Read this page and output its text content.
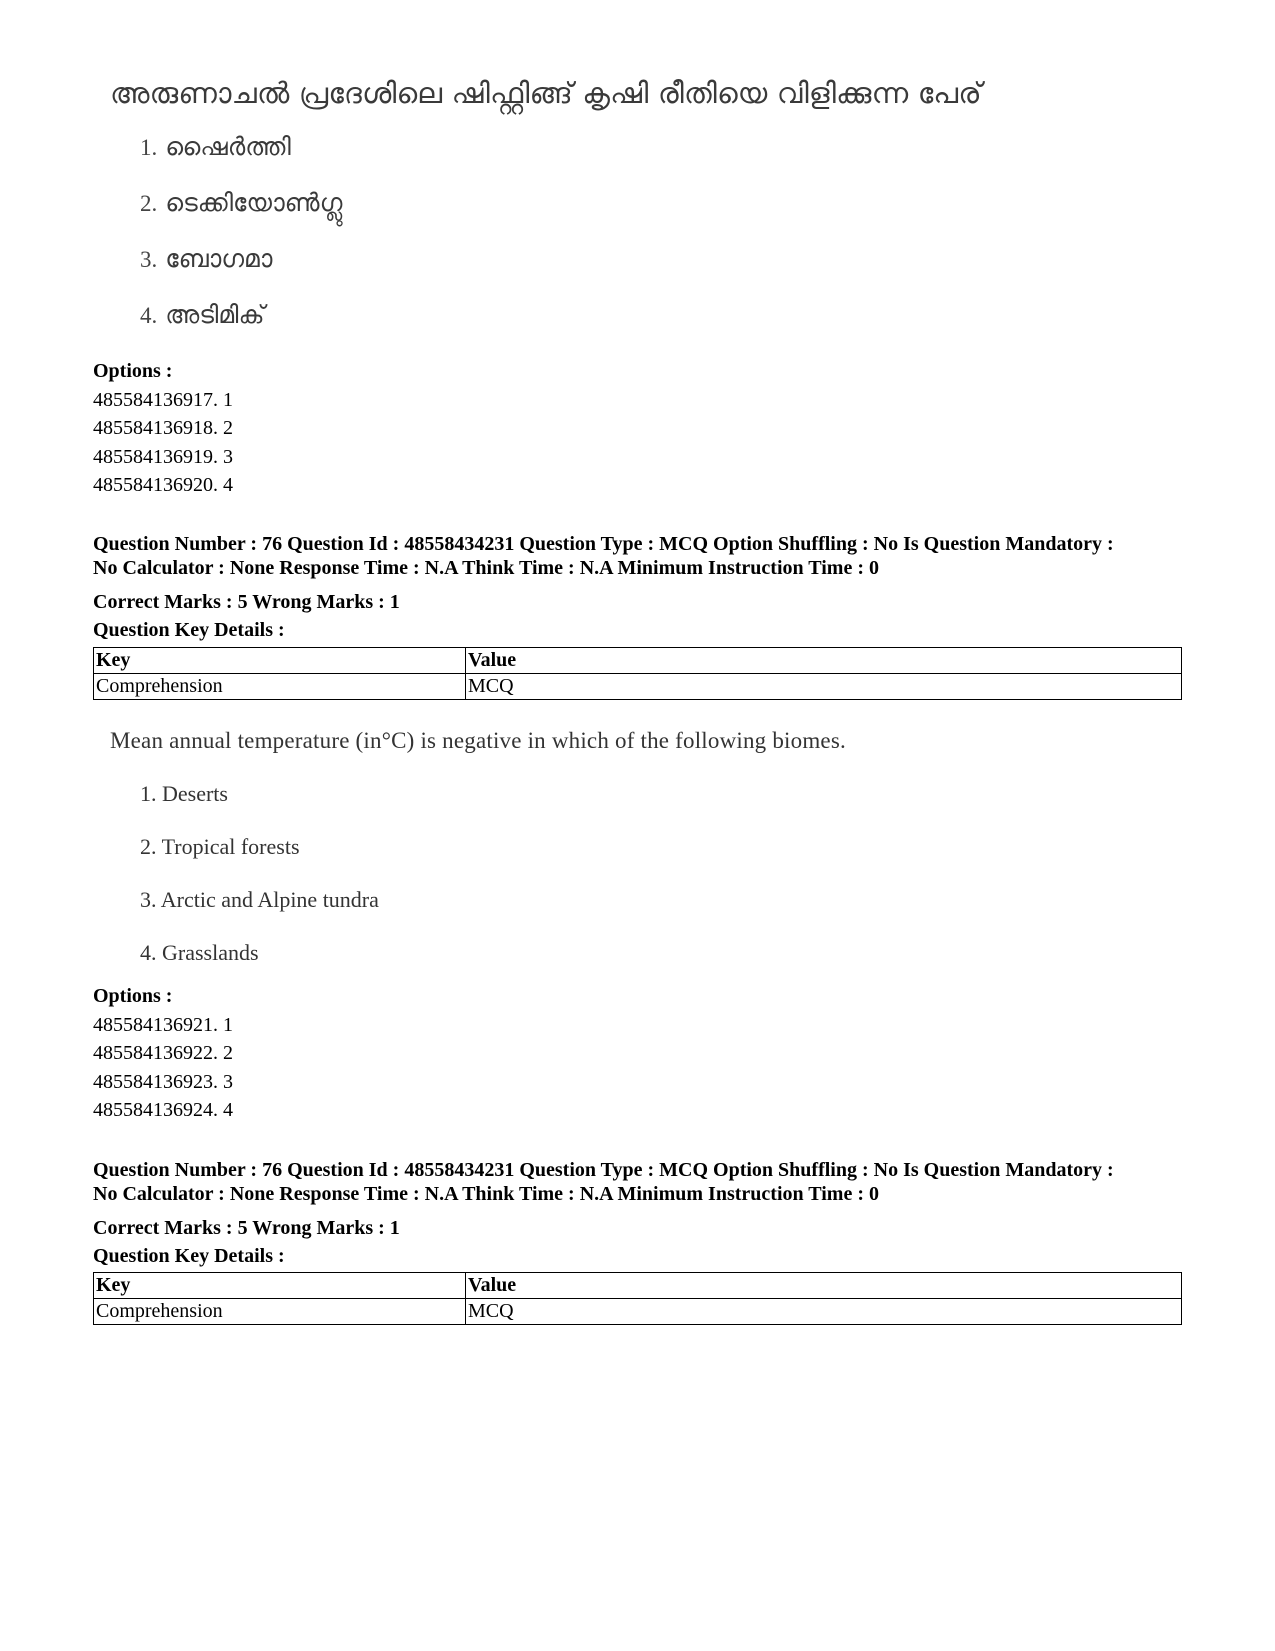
അരുണാചൽ പ്രദേശിലെ ഷിഫ്റ്റിങ്ങ് കൃഷി രീതിയെ വിളിക്കുന്ന പേര്

1. ഷൈർത്തി
2. ടെക്കിയോൺഗ്ലു
3. ബോഗമാ
4. അടിമിക്
Options :
485584136917. 1
485584136918. 2
485584136919. 3
485584136920. 4
Question Number : 76 Question Id : 48558434231 Question Type : MCQ Option Shuffling : No Is Question Mandatory :
No Calculator : None Response Time : N.A Think Time : N.A Minimum Instruction Time : 0
Correct Marks : 5 Wrong Marks : 1
Question Key Details :
Key	Value
Comprehension	MCQ

Mean annual temperature (in°C) is negative in which of the following biomes.

1. Deserts
2. Tropical forests
3. Arctic and Alpine tundra
4. Grasslands
Options :
485584136921. 1
485584136922. 2
485584136923. 3
485584136924. 4
Question Number : 76 Question Id : 48558434231 Question Type : MCQ Option Shuffling : No Is Question Mandatory :
No Calculator : None Response Time : N.A Think Time : N.A Minimum Instruction Time : 0
Correct Marks : 5 Wrong Marks : 1
Question Key Details :
Key	Value
Comprehension	MCQ
